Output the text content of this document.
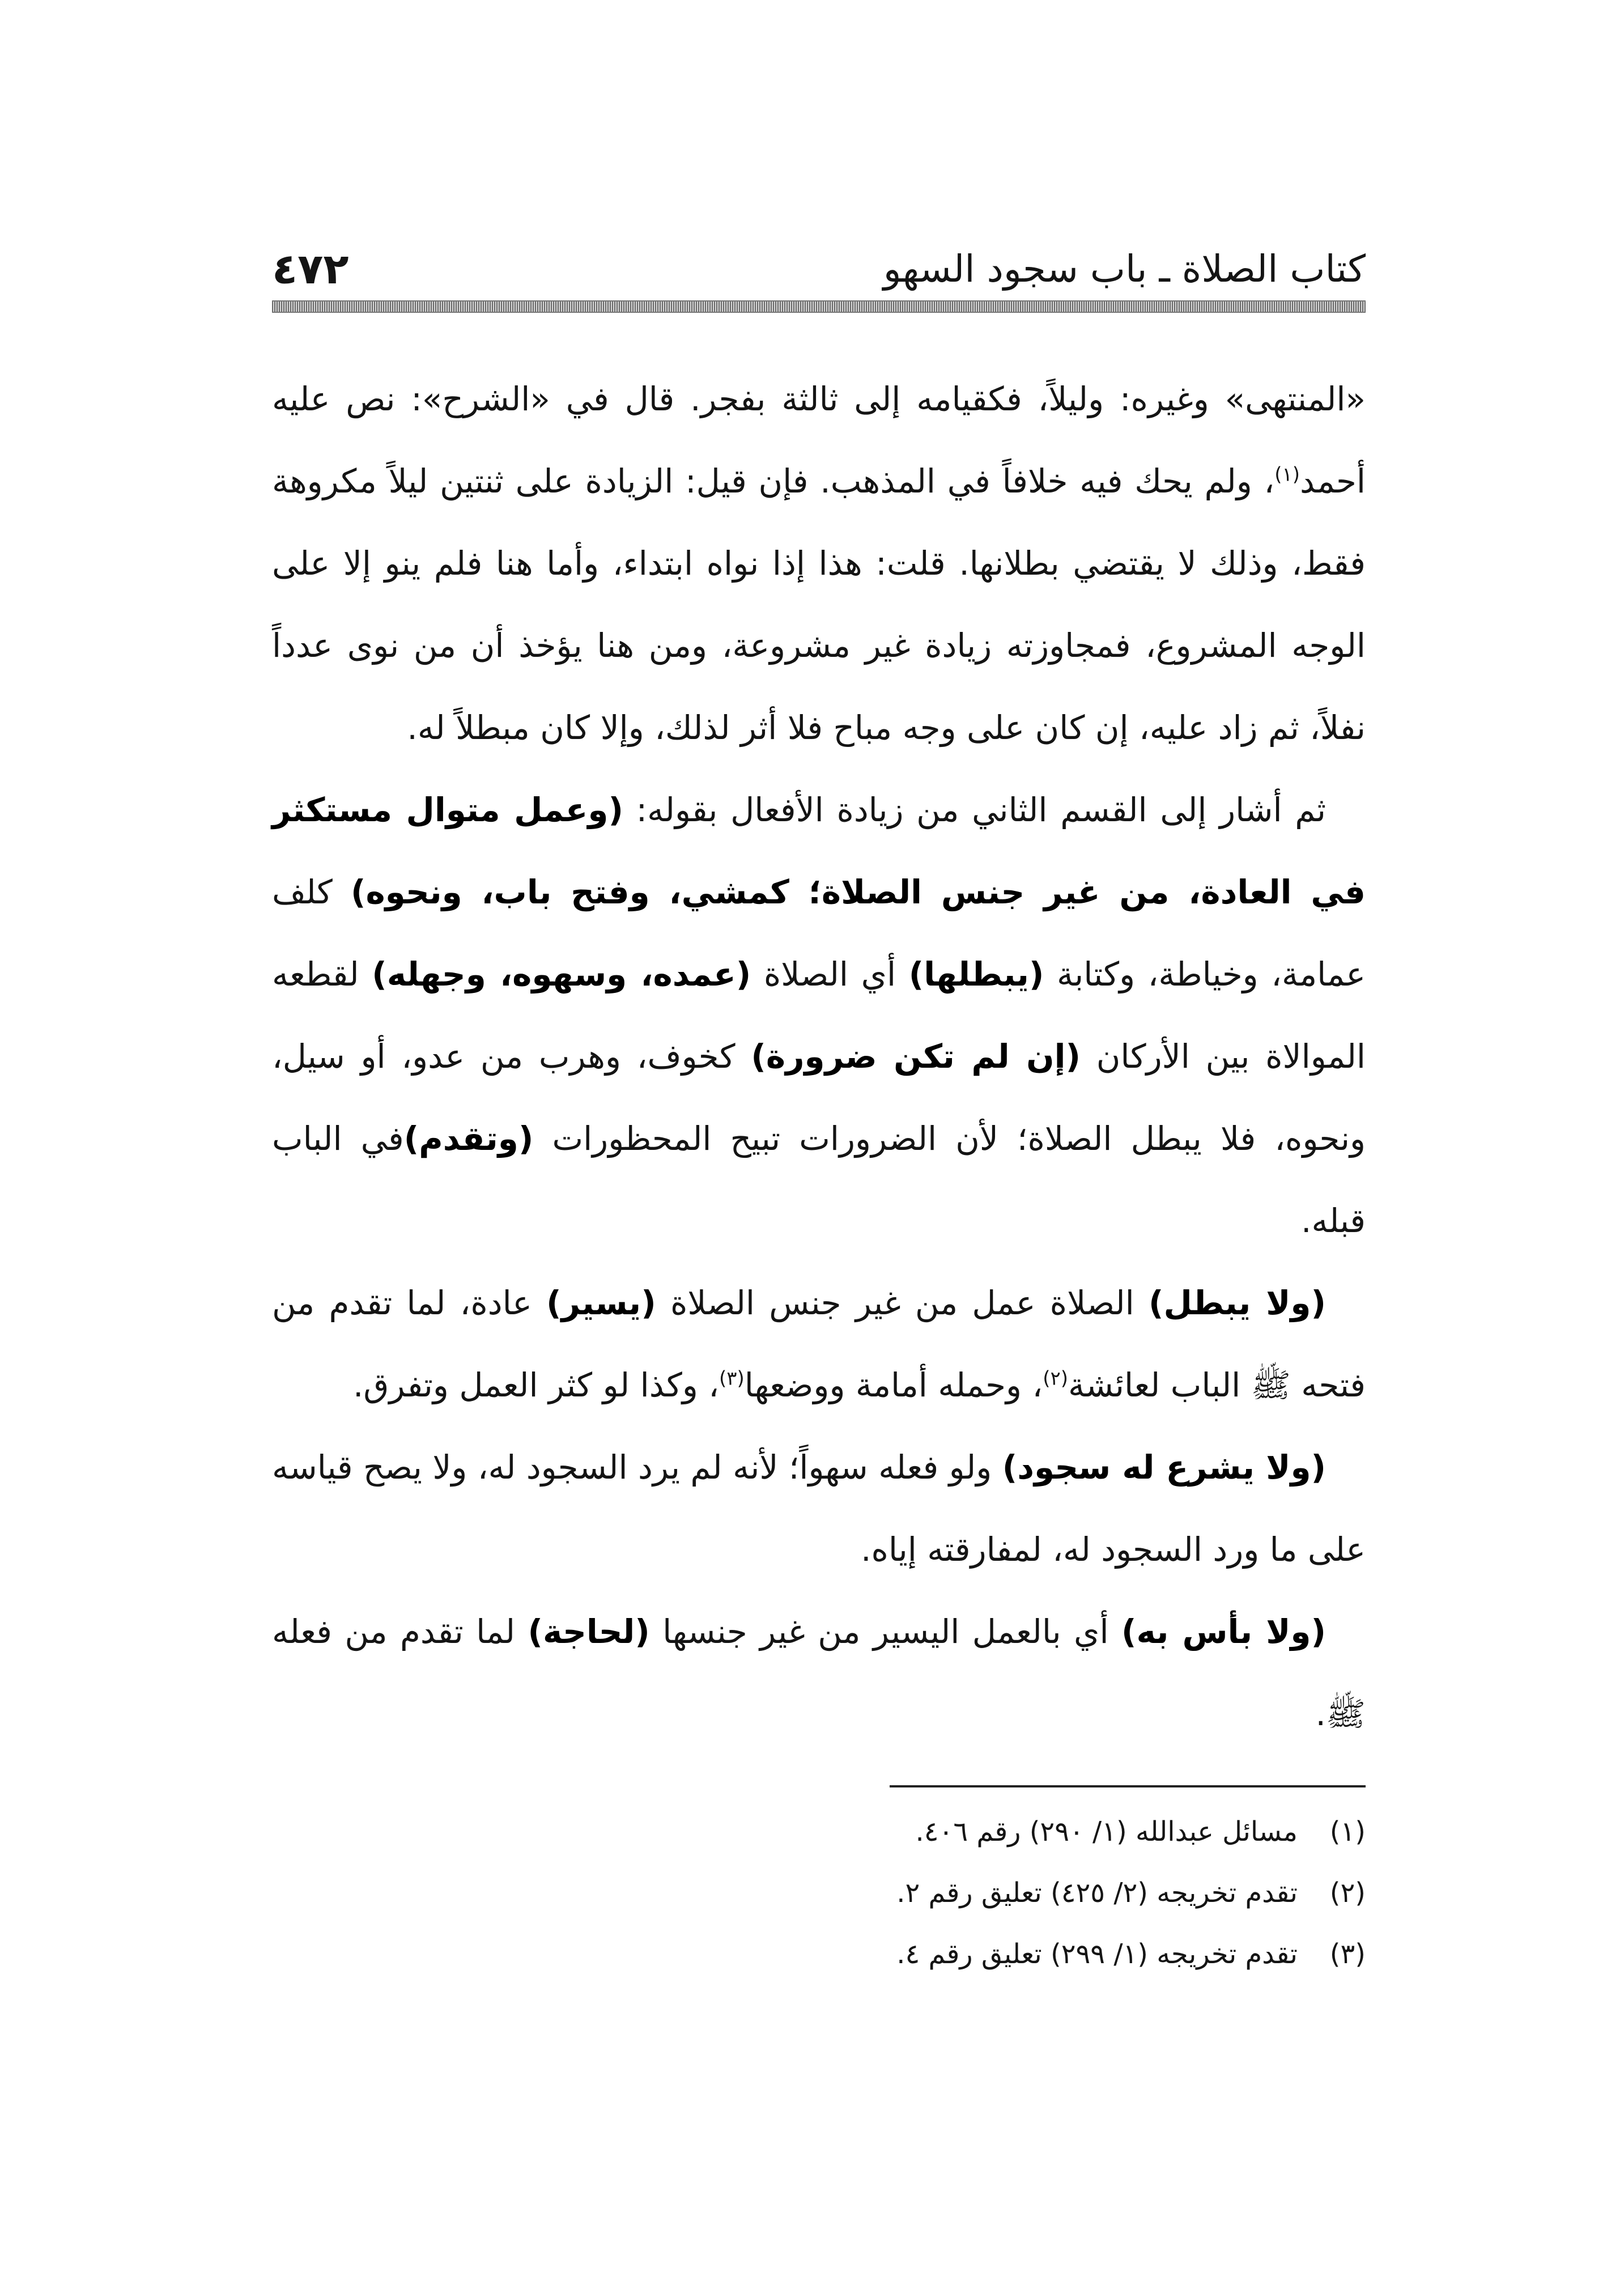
كتاب الصلاة ـ باب سجود السهو
٤٧٢

«المنتهى» وغيره: وليلاً، فكقيامه إلى ثالثة بفجر. قال في «الشرح»: نص عليه أحمد$^{(١)}$، ولم يحك فيه خلافاً في المذهب. فإن قيل: الزيادة على ثنتين ليلاً مكروهة فقط، وذلك لا يقتضي بطلانها. قلت: هذا إذا نواه ابتداء، وأما هنا فلم ينو إلا على الوجه المشروع، فمجاوزته زيادة غير مشروعة، ومن هنا يؤخذ أن من نوى عدداً نفلاً، ثم زاد عليه، إن كان على وجه مباح فلا أثر لذلك، وإلا كان مبطلاً له.

ثم أشار إلى القسم الثاني من زيادة الأفعال بقوله: (وعمل متوال مستكثر في العادة، من غير جنس الصلاة؛ كمشي، وفتح باب، ونحوه) كلف عمامة، وخياطة، وكتابة (يبطلها) أي الصلاة (عمده، وسهوه، وجهله) لقطعه الموالاة بين الأركان (إن لم تكن ضرورة) كخوف، وهرب من عدو، أو سيل، ونحوه، فلا يبطل الصلاة؛ لأن الضرورات تبيح المحظورات (وتقدم)في الباب قبله.

(ولا يبطل) الصلاة عمل من غير جنس الصلاة (يسير) عادة، لما تقدم من فتحه ﷺ الباب لعائشة$^{(٢)}$، وحمله أمامة ووضعها$^{(٣)}$، وكذا لو كثر العمل وتفرق.

(ولا يشرع له سجود) ولو فعله سهواً؛ لأنه لم يرد السجود له، ولا يصح قياسه على ما ورد السجود له، لمفارقته إياه.

(ولا بأس به) أي بالعمل اليسير من غير جنسها (لحاجة) لما تقدم من فعله ﷺ.

(١)مسائل عبدالله (١/ ٢٩٠) رقم ٤٠٦.

(٢)تقدم تخريجه (٢/ ٤٢٥) تعليق رقم ٢.

(٣)تقدم تخريجه (١/ ٢٩٩) تعليق رقم ٤.
